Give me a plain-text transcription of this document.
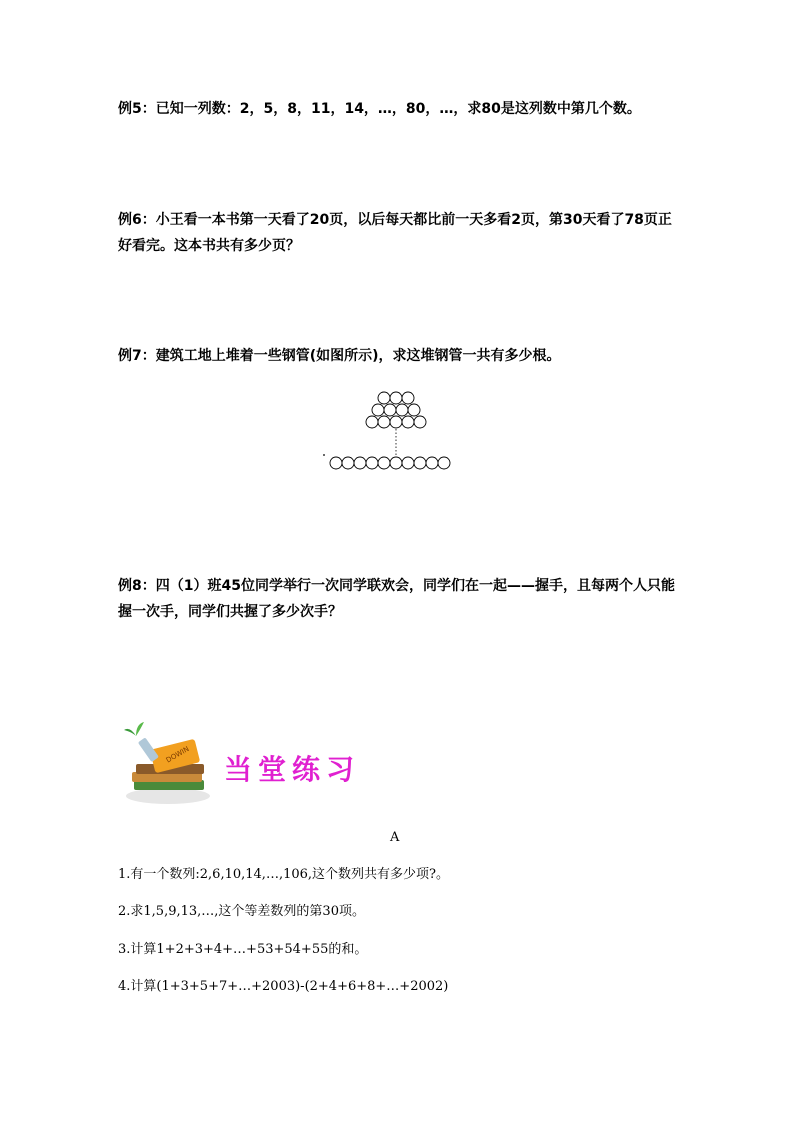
例5：已知一列数：2，5，8，11，14，…，80，…，求80是这列数中第几个数。
例6：小王看一本书第一天看了20页，以后每天都比前一天多看2页，第30天看了78页正好看完。这本书共有多少页？
例7：建筑工地上堆着一些钢管(如图所示)，求这堆钢管一共有多少根。
例8：四（1）班45位同学举行一次同学联欢会，同学们在一起——握手，且每两个人只能握一次手，同学们共握了多少次手？
DOWIN 当堂练习
A
1.有一个数列:2,6,10,14,…,106,这个数列共有多少项?。
2.求1,5,9,13,…,这个等差数列的第30项。
3.计算1+2+3+4+…+53+54+55的和。
4.计算(1+3+5+7+…+2003)-(2+4+6+8+…+2002)
